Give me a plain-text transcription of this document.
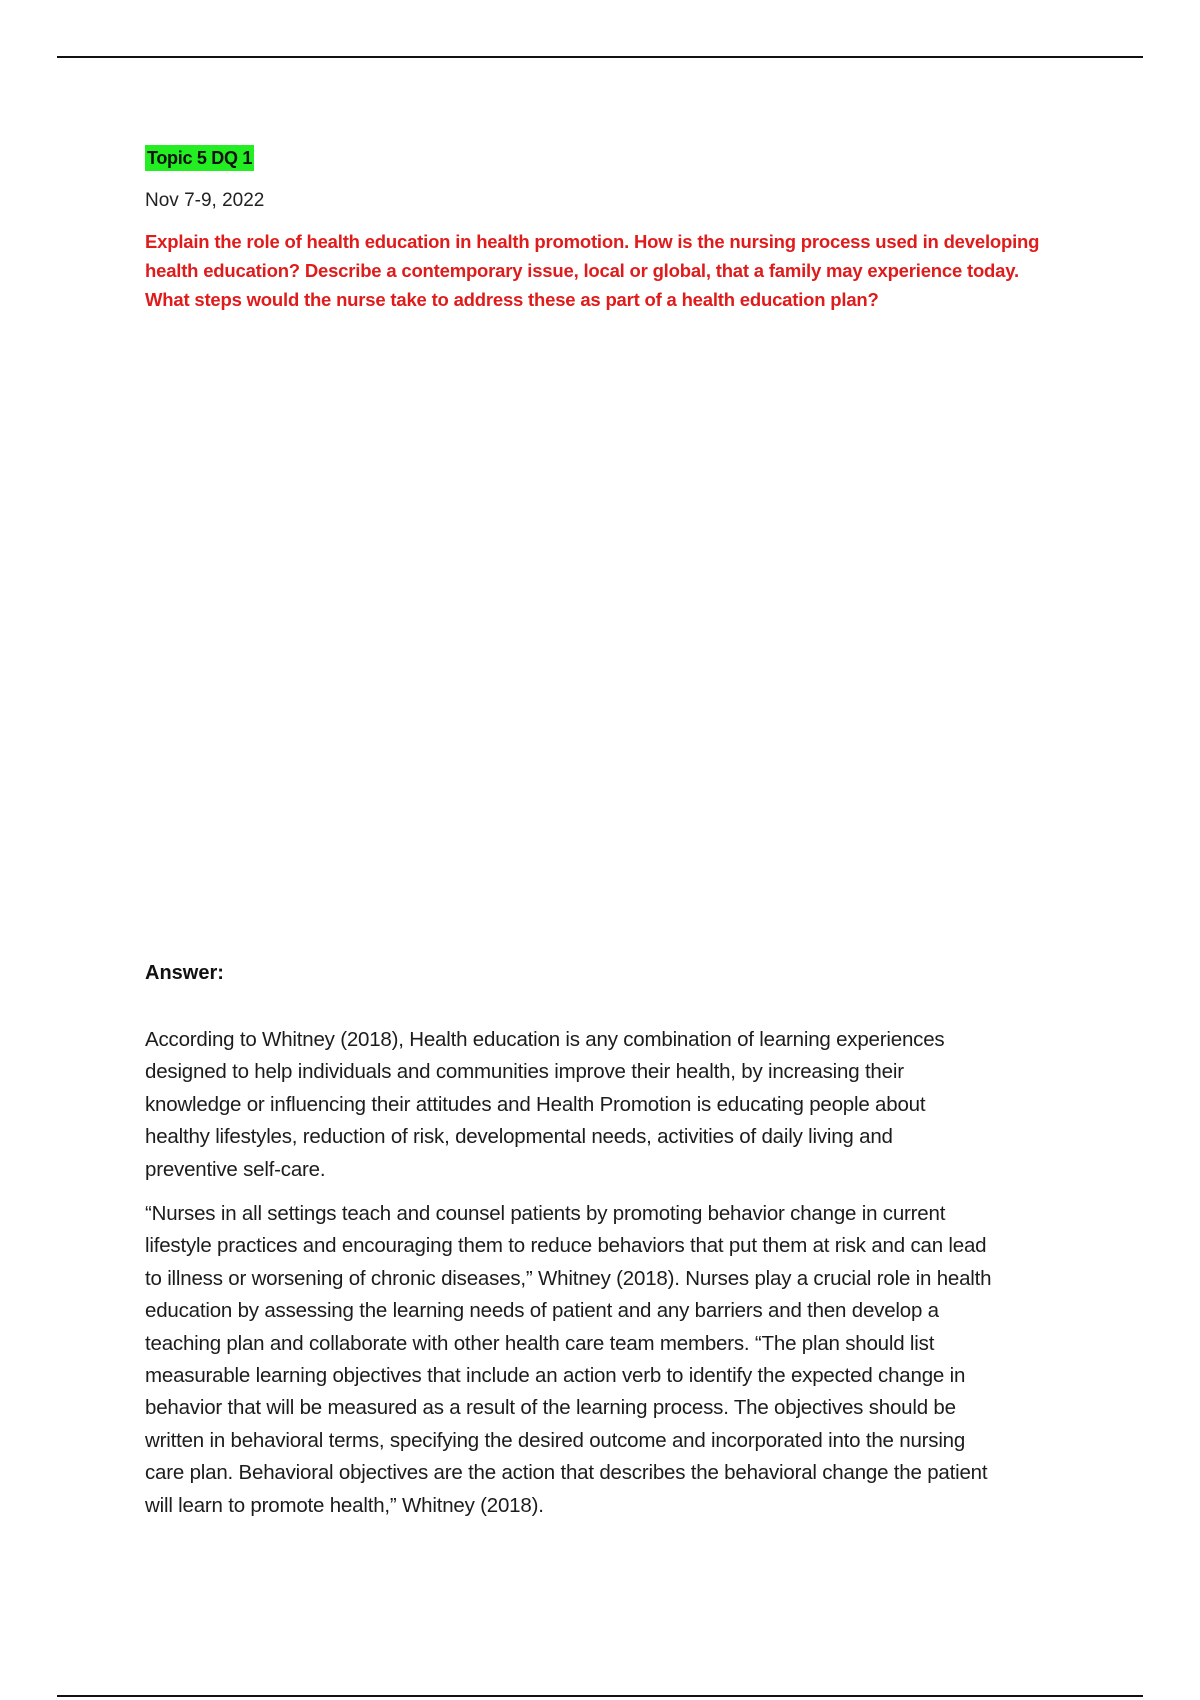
Topic 5 DQ 1
Nov 7-9, 2022
Explain the role of health education in health promotion. How is the nursing process used in developing
health education? Describe a contemporary issue, local or global, that a family may experience today.
What steps would the nurse take to address these as part of a health education plan?
Answer:
According to Whitney (2018), Health education is any combination of learning experiences
designed to help individuals and communities improve their health, by increasing their
knowledge or influencing their attitudes and Health Promotion is educating people about
healthy lifestyles, reduction of risk, developmental needs, activities of daily living and
preventive self-care.
“Nurses in all settings teach and counsel patients by promoting behavior change in current
lifestyle practices and encouraging them to reduce behaviors that put them at risk and can lead
to illness or worsening of chronic diseases,” Whitney (2018). Nurses play a crucial role in health
education by assessing the learning needs of patient and any barriers and then develop a
teaching plan and collaborate with other health care team members. “The plan should list
measurable learning objectives that include an action verb to identify the expected change in
behavior that will be measured as a result of the learning process. The objectives should be
written in behavioral terms, specifying the desired outcome and incorporated into the nursing
care plan. Behavioral objectives are the action that describes the behavioral change the patient
will learn to promote health,” Whitney (2018).
